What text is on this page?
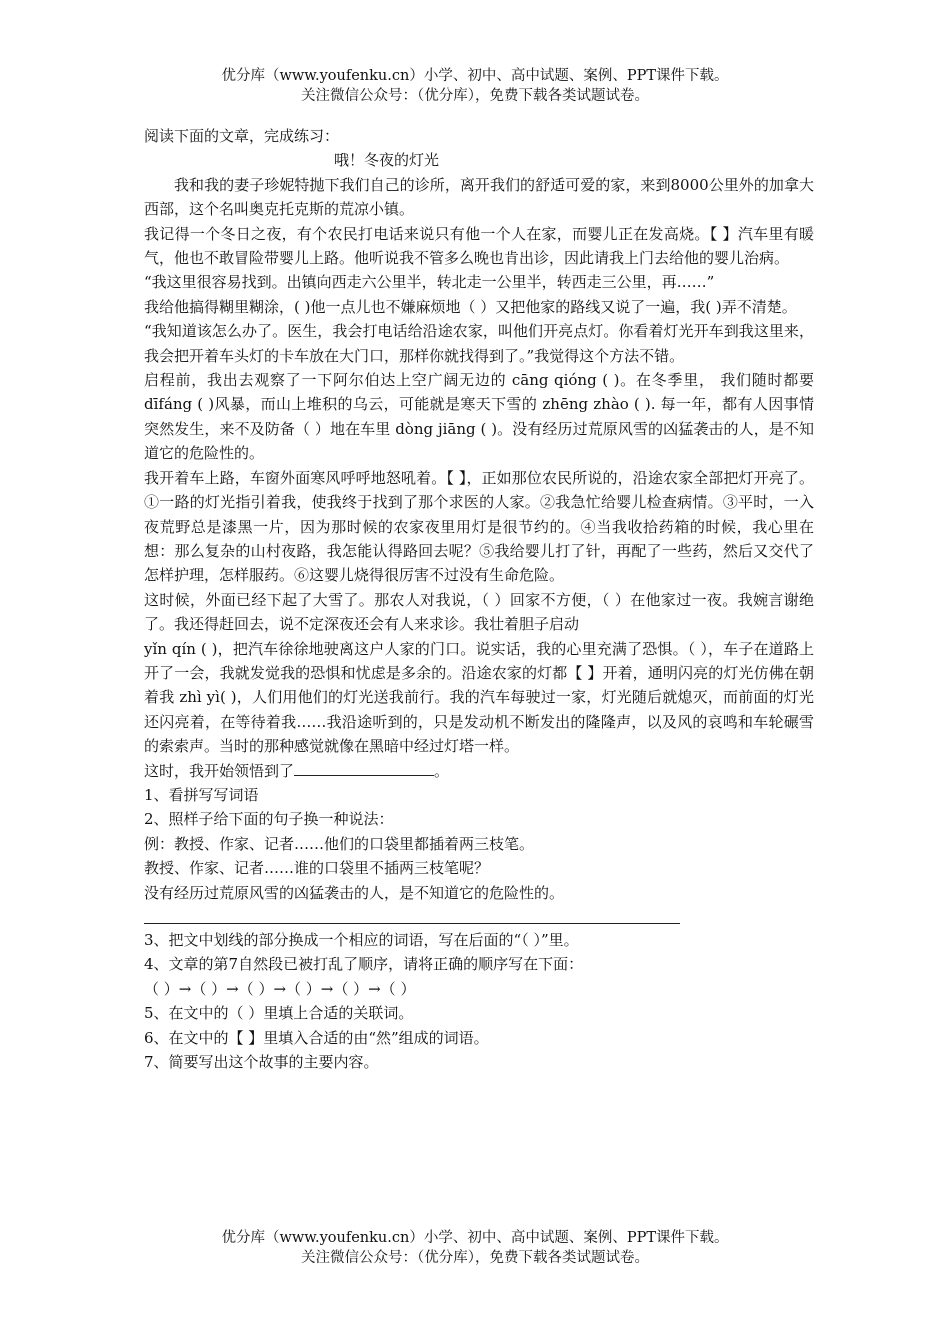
优分库（www.youfenku.cn）小学、初中、高中试题、案例、PPT课件下载。
关注微信公众号：（优分库），免费下载各类试题试卷。

阅读下面的文章，完成练习：

哦！冬夜的灯光

我和我的妻子珍妮特抛下我们自己的诊所，离开我们的舒适可爱的家，来到8000公里外的加拿大西部，这个名叫奥克托克斯的荒凉小镇。

我记得一个冬日之夜，有个农民打电话来说只有他一个人在家，而婴儿正在发高烧。【 】汽车里有暖气，他也不敢冒险带婴儿上路。他听说我不管多么晚也肯出诊，因此请我上门去给他的婴儿治病。

“我这里很容易找到。出镇向西走六公里半，转北走一公里半，转西走三公里，再……”

我给他搞得糊里糊涂，( )他一点儿也不嫌麻烦地（ ）又把他家的路线又说了一遍，我( )弄不清楚。

“我知道该怎么办了。医生，我会打电话给沿途农家，叫他们开亮点灯。你看着灯光开车到我这里来，我会把开着车头灯的卡车放在大门口，那样你就找得到了。”我觉得这个方法不错。

启程前，我出去观察了一下阿尔伯达上空广阔无边的 cāng qióng ( )。在冬季里， 我们随时都要 dīfáng ( )风暴，而山上堆积的乌云，可能就是寒天下雪的 zhēng zhào ( ). 每一年，都有人因事情突然发生，来不及防备（ ）地在车里 dòng jiāng ( )。没有经历过荒原风雪的凶猛袭击的人，是不知道它的危险性的。

我开着车上路，车窗外面寒风呼呼地怒吼着。【 】，正如那位农民所说的，沿途农家全部把灯开亮了。①一路的灯光指引着我，使我终于找到了那个求医的人家。②我急忙给婴儿检查病情。③平时，一入夜荒野总是漆黑一片，因为那时候的农家夜里用灯是很节约的。④当我收拾药箱的时候，我心里在想：那么复杂的山村夜路，我怎能认得路回去呢？⑤我给婴儿打了针，再配了一些药，然后又交代了怎样护理，怎样服药。⑥这婴儿烧得很厉害不过没有生命危险。

这时候，外面已经下起了大雪了。那农人对我说，（ ）回家不方便，（ ）在他家过一夜。我婉言谢绝了。我还得赶回去，说不定深夜还会有人来求诊。我壮着胆子启动

yǐn qín ( )，把汽车徐徐地驶离这户人家的门口。说实话，我的心里充满了恐惧。（ ），车子在道路上开了一会，我就发觉我的恐惧和忧虑是多余的。沿途农家的灯都【 】开着，通明闪亮的灯光仿佛在朝着我 zhì yì( )，人们用他们的灯光送我前行。我的汽车每驶过一家，灯光随后就熄灭，而前面的灯光还闪亮着，在等待着我……我沿途听到的，只是发动机不断发出的隆隆声，以及风的哀鸣和车轮碾雪的索索声。当时的那种感觉就像在黑暗中经过灯塔一样。

这时，我开始领悟到了	。

1、看拼写写词语

2、照样子给下面的句子换一种说法：

例：教授、作家、记者……他们的口袋里都插着两三枝笔。

教授、作家、记者……谁的口袋里不插两三枝笔呢？

没有经历过荒原风雪的凶猛袭击的人，是不知道它的危险性的。

3、把文中划线的部分换成一个相应的词语，写在后面的“（ ）”里。

4、文章的第7自然段已被打乱了顺序，请将正确的顺序写在下面：

（ ）→（ ）→（ ）→（ ）→（ ）→（ ）

5、在文中的（ ）里填上合适的关联词。

6、在文中的【 】里填入合适的由“然”组成的词语。

7、简要写出这个故事的主要内容。

优分库（www.youfenku.cn）小学、初中、高中试题、案例、PPT课件下载。
关注微信公众号：（优分库），免费下载各类试题试卷。
